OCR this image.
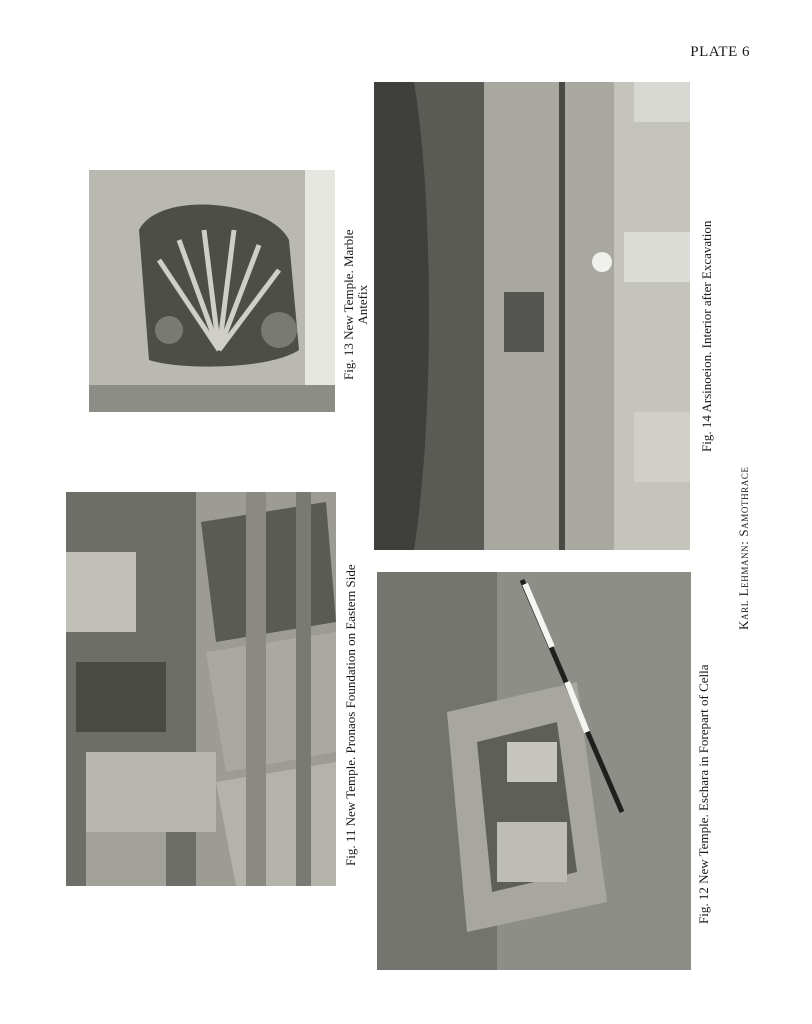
PLATE 6
Fig. 11 New Temple. Pronaos Foundation on Eastern Side	Fig. 12 New Temple. Eschara in Forepart of Cella
Fig. 13 New Temple. Marble Antefix	Fig. 14 Arsinoeion. Interior after Excavation
Karl Lehmann: Samothrace
